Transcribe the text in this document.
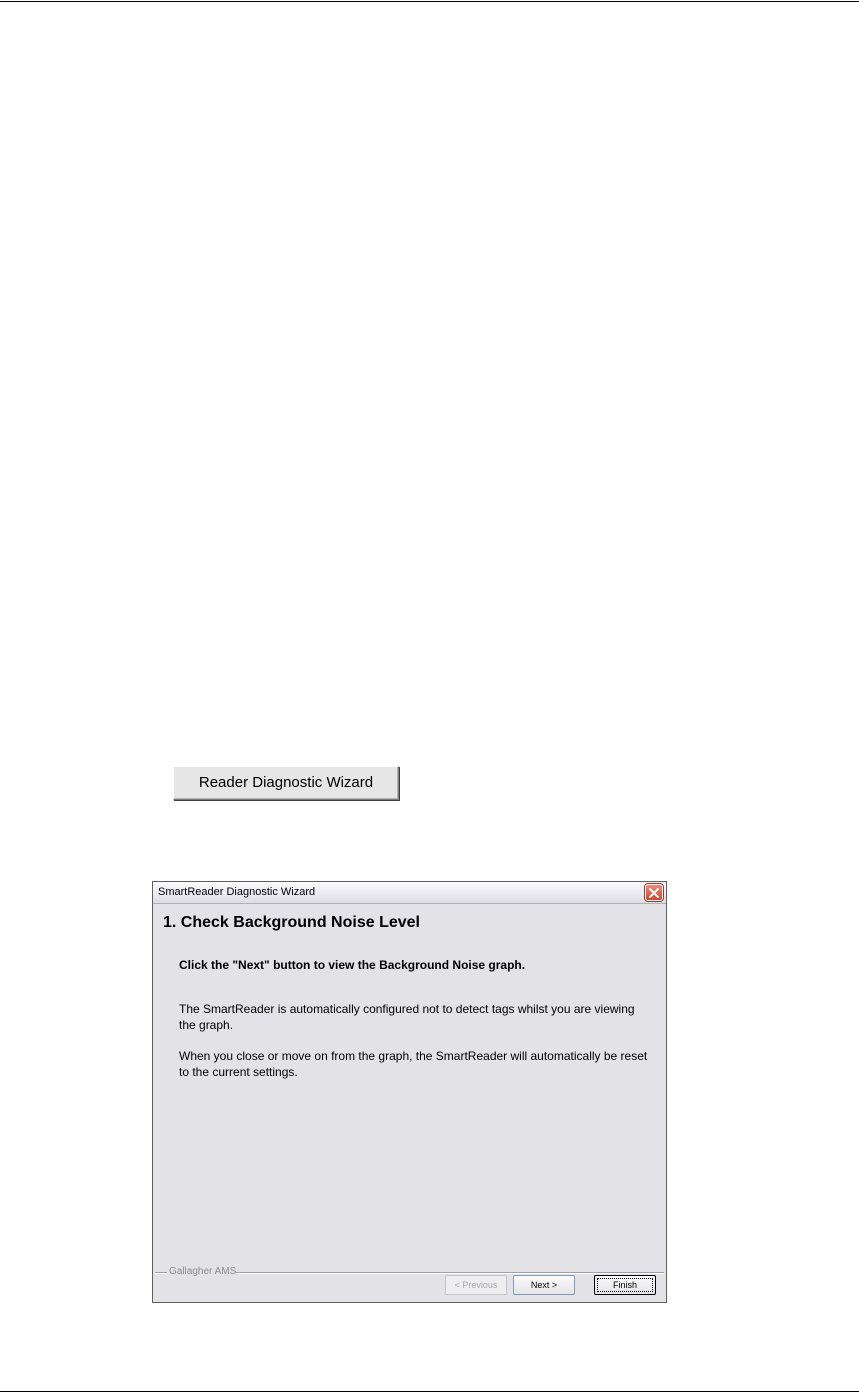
Reader Diagnostic Wizard
SmartReader Diagnostic Wizard
1. Check Background Noise Level

Click the "Next" button to view the Background Noise graph.

The SmartReader is automatically configured not to detect tags whilst you are viewing the graph.

When you close or move on from the graph, the SmartReader will automatically be reset to the current settings.

Gallagher AMS
< Previous	Next >	Finish
